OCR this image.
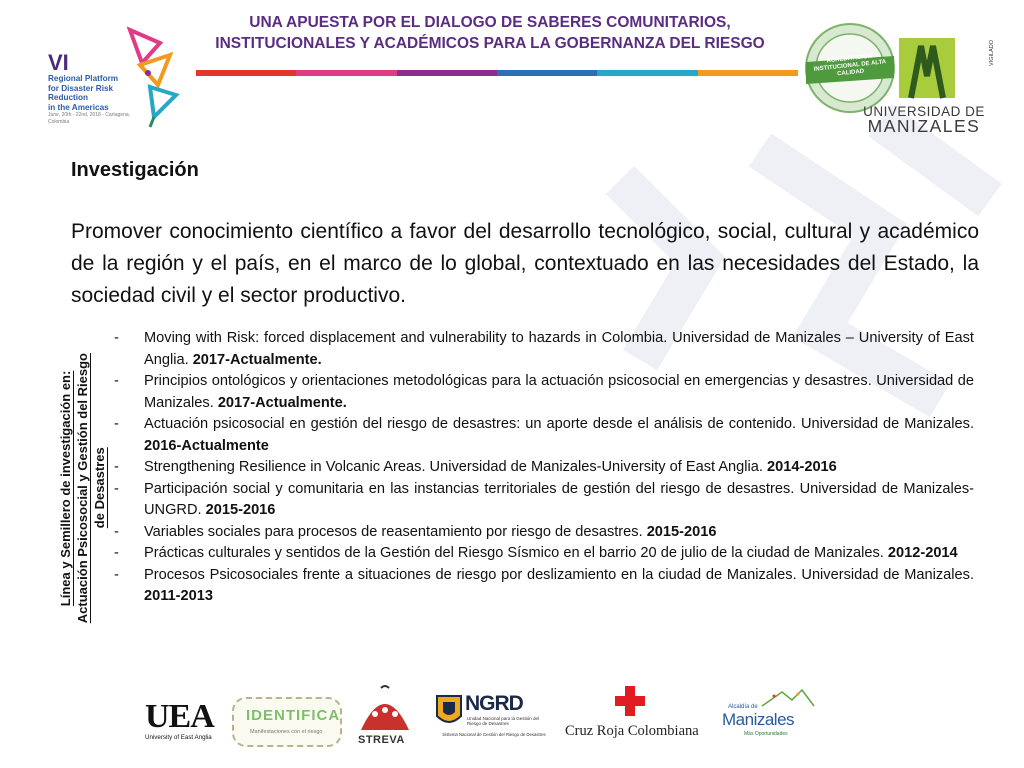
UNA APUESTA POR EL DIALOGO DE SABERES COMUNITARIOS,
INSTITUCIONALES Y ACADÉMICOS PARA LA GOBERNANZA DEL RIESGO
VI
Regional Platform
for Disaster Risk Reduction
in the Americas
June, 20th - 22nd, 2018 - Cartagena, Colombia
ACREDITACIÓN INSTITUCIONAL DE ALTA CALIDAD
UNIVERSIDAD DE
MANIZALES
VIGILADO
Investigación

Promover conocimiento científico a favor del desarrollo tecnológico, social, cultural y académico de la región y el país, en el marco de lo global, contextuado en las necesidades del Estado, la sociedad civil y el sector productivo.

Línea y Semillero de investigación en: Actuación Psicosocial y Gestión del Riesgo de Desastres
-	Moving with Risk: forced displacement and vulnerability to hazards in Colombia. Universidad de Manizales – University of East Anglia. 2017-Actualmente.
-	Principios ontológicos y orientaciones metodológicas para la actuación psicosocial en emergencias y desastres. Universidad de Manizales. 2017-Actualmente.
-	Actuación psicosocial en gestión del riesgo de desastres: un aporte desde el análisis de contenido. Universidad de Manizales. 2016-Actualmente
-	Strengthening Resilience in Volcanic Areas. Universidad de Manizales-University of East Anglia. 2014-2016
-	Participación social y comunitaria en las instancias territoriales de gestión del riesgo de desastres. Universidad de Manizales-UNGRD. 2015-2016
-	Variables sociales para procesos de reasentamiento por riesgo de desastres. 2015-2016
-	Prácticas culturales y sentidos de la Gestión del Riesgo Sísmico en el barrio 20 de julio de la ciudad de Manizales. 2012-2014
-	Procesos Psicosociales frente a situaciones de riesgo por deslizamiento en la ciudad de Manizales. Universidad de Manizales. 2011-2013
UEA
University of East Anglia
IDENTIFICA
Manifestaciones con el riesgo
STREVA
NGRD
Unidad Nacional para la Gestión del Riesgo de Desastres
Sistema Nacional de Gestión del Riesgo de Desastres Cruz Roja Colombiana
Alcaldía de
Manizales
Más Oportunidades
